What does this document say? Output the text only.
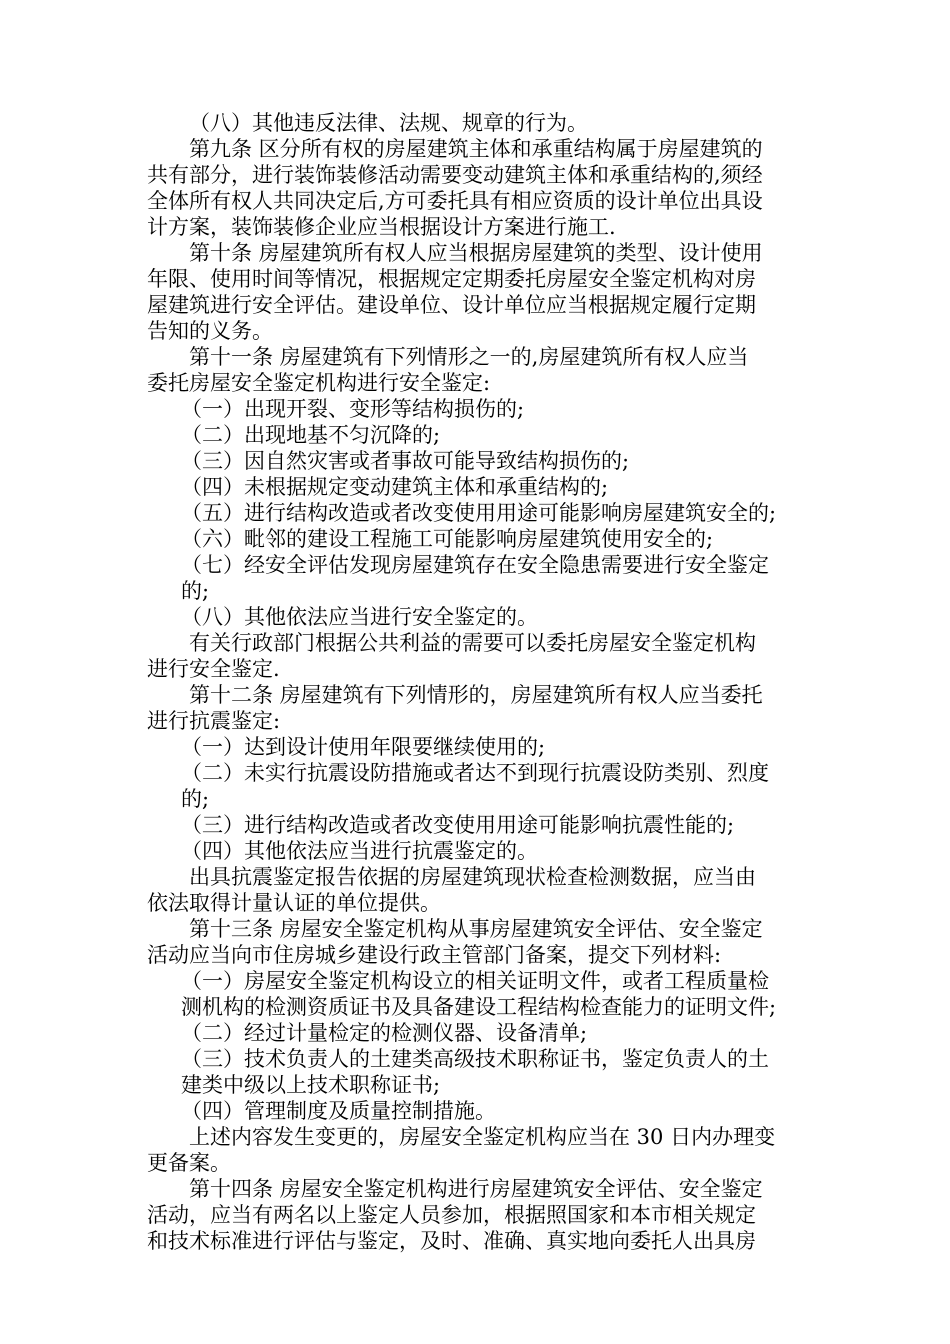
（八）其他违反法律、法规、规章的行为。
第九条 区分所有权的房屋建筑主体和承重结构属于房屋建筑的
共有部分，进行装饰装修活动需要变动建筑主体和承重结构的,须经
全体所有权人共同决定后,方可委托具有相应资质的设计单位出具设
计方案，装饰装修企业应当根据设计方案进行施工.
第十条 房屋建筑所有权人应当根据房屋建筑的类型、设计使用
年限、使用时间等情况，根据规定定期委托房屋安全鉴定机构对房
屋建筑进行安全评估。建设单位、设计单位应当根据规定履行定期
告知的义务。
第十一条 房屋建筑有下列情形之一的,房屋建筑所有权人应当
委托房屋安全鉴定机构进行安全鉴定:
（一）出现开裂、变形等结构损伤的;
（二）出现地基不匀沉降的;
（三）因自然灾害或者事故可能导致结构损伤的;
（四）未根据规定变动建筑主体和承重结构的;
（五）进行结构改造或者改变使用用途可能影响房屋建筑安全的;
（六）毗邻的建设工程施工可能影响房屋建筑使用安全的;
（七）经安全评估发现房屋建筑存在安全隐患需要进行安全鉴定
的;
（八）其他依法应当进行安全鉴定的。
有关行政部门根据公共利益的需要可以委托房屋安全鉴定机构
进行安全鉴定.
第十二条 房屋建筑有下列情形的，房屋建筑所有权人应当委托
进行抗震鉴定:
（一）达到设计使用年限要继续使用的;
（二）未实行抗震设防措施或者达不到现行抗震设防类别、烈度
的;
（三）进行结构改造或者改变使用用途可能影响抗震性能的;
（四）其他依法应当进行抗震鉴定的。
出具抗震鉴定报告依据的房屋建筑现状检查检测数据，应当由
依法取得计量认证的单位提供。
第十三条 房屋安全鉴定机构从事房屋建筑安全评估、安全鉴定
活动应当向市住房城乡建设行政主管部门备案，提交下列材料:
（一）房屋安全鉴定机构设立的相关证明文件，或者工程质量检
测机构的检测资质证书及具备建设工程结构检查能力的证明文件;
（二）经过计量检定的检测仪器、设备清单;
（三）技术负责人的土建类高级技术职称证书，鉴定负责人的土
建类中级以上技术职称证书;
（四）管理制度及质量控制措施。
上述内容发生变更的，房屋安全鉴定机构应当在 30 日内办理变
更备案。
第十四条 房屋安全鉴定机构进行房屋建筑安全评估、安全鉴定
活动，应当有两名以上鉴定人员参加，根据照国家和本市相关规定
和技术标准进行评估与鉴定，及时、准确、真实地向委托人出具房
